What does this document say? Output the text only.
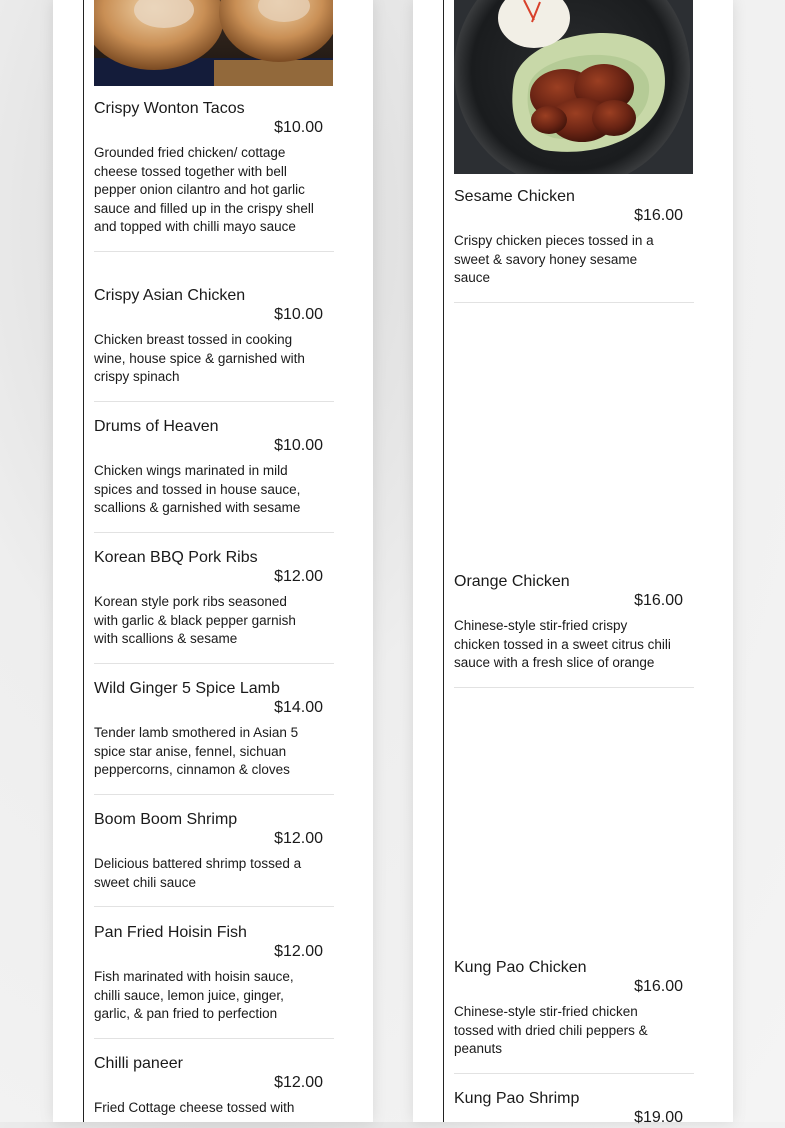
Crispy Wonton Tacos
$10.00
Grounded fried chicken/ cottage cheese tossed together with bell pepper onion cilantro and hot garlic sauce and filled up in the crispy shell and topped with chilli mayo sauce
Crispy Asian Chicken
$10.00
Chicken breast tossed in cooking wine, house spice & garnished with crispy spinach
Drums of Heaven
$10.00
Chicken wings marinated in mild spices and tossed in house sauce, scallions & garnished with sesame
Korean BBQ Pork Ribs
$12.00
Korean style pork ribs seasoned with garlic & black pepper garnish with scallions & sesame
Wild Ginger 5 Spice Lamb
$14.00
Tender lamb smothered in Asian 5 spice star anise, fennel, sichuan peppercorns, cinnamon & cloves
Boom Boom Shrimp
$12.00
Delicious battered shrimp tossed a sweet chili sauce
Pan Fried Hoisin Fish
$12.00
Fish marinated with hoisin sauce, chilli sauce, lemon juice, ginger, garlic, & pan fried to perfection
Chilli paneer
$12.00
Fried Cottage cheese tossed with
Sesame Chicken
$16.00
Crispy chicken pieces tossed in a sweet & savory honey sesame sauce
Orange Chicken
$16.00
Chinese-style stir-fried crispy chicken tossed in a sweet citrus chili sauce with a fresh slice of orange
Kung Pao Chicken
$16.00
Chinese-style stir-fried chicken tossed with dried chili peppers & peanuts
Kung Pao Shrimp
$19.00
